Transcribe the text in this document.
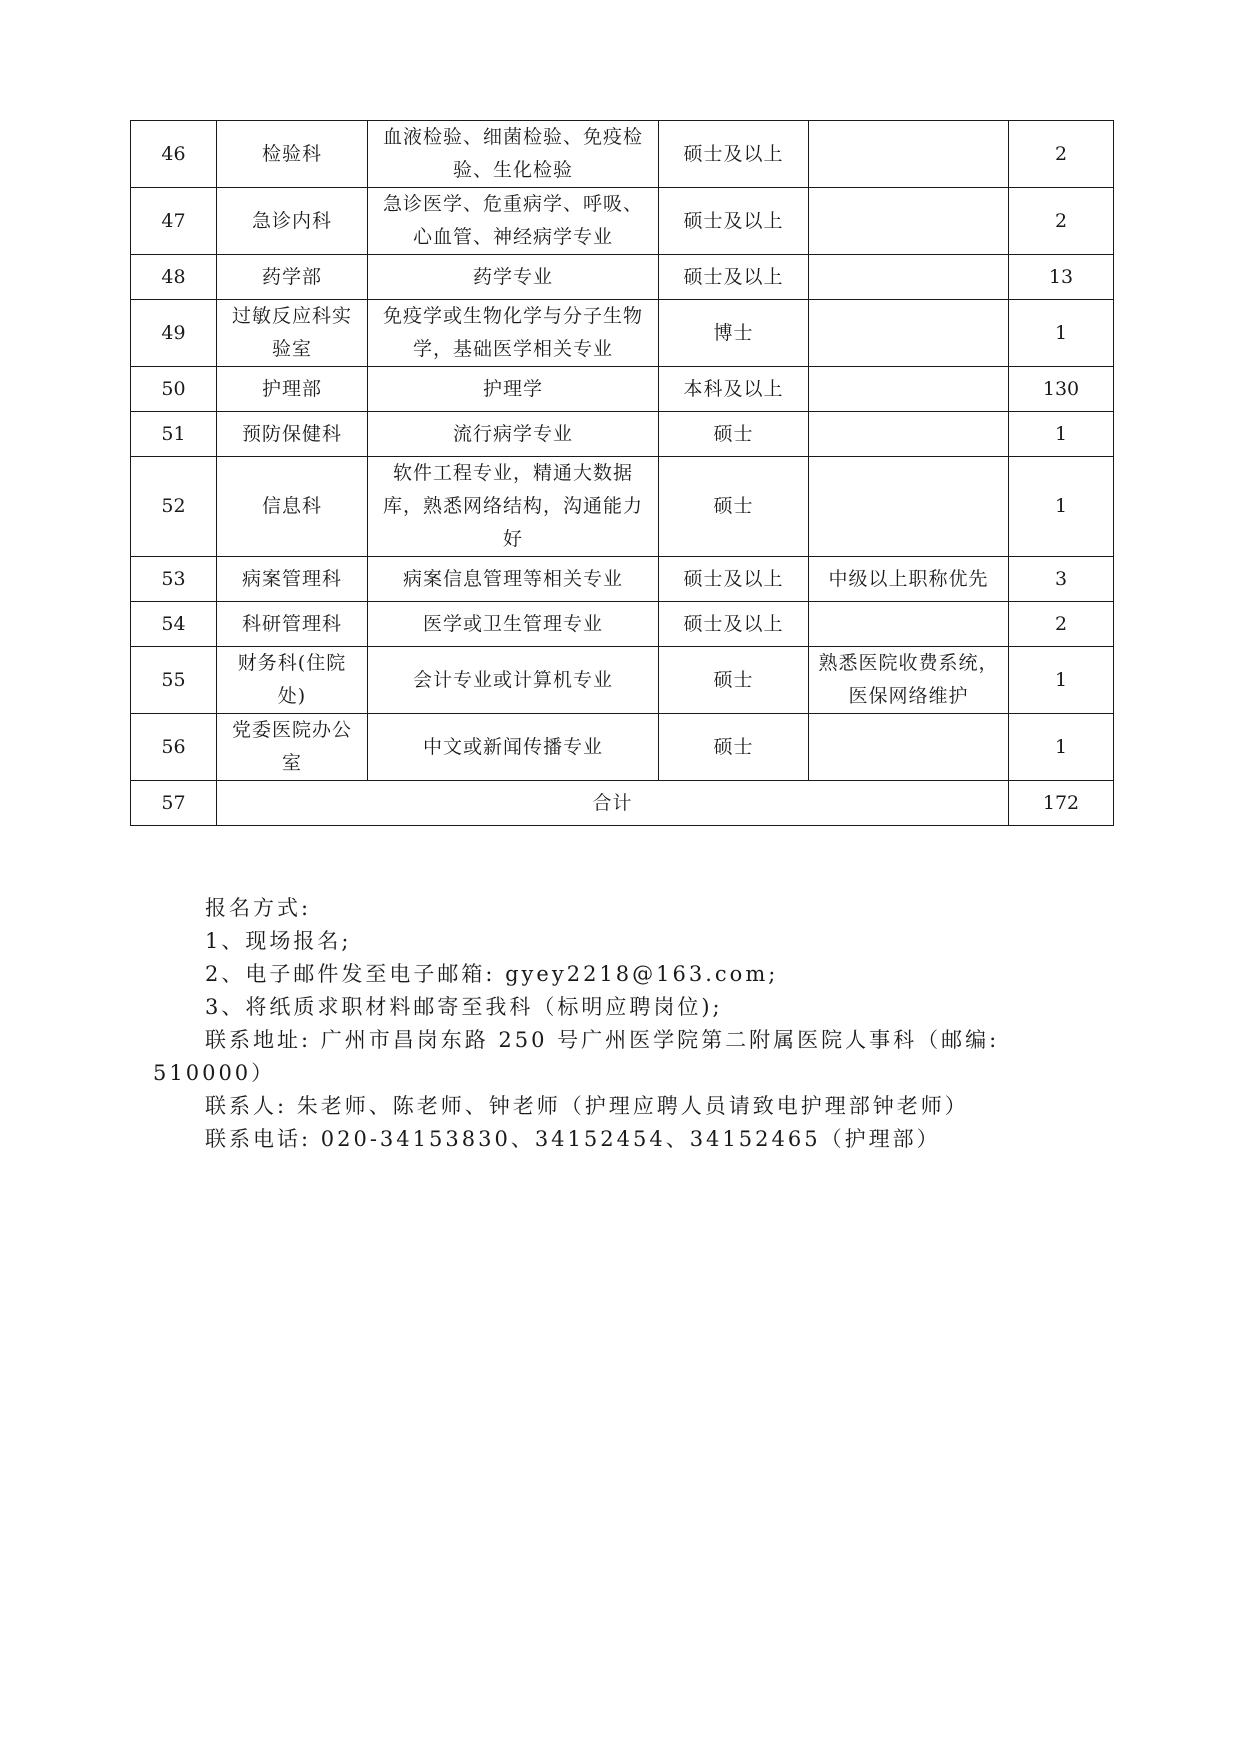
46	检验科	血液检验、细菌检验、免疫检验、生化检验	硕士及以上		2
47	急诊内科	急诊医学、危重病学、呼吸、心血管、神经病学专业	硕士及以上		2
48	药学部	药学专业	硕士及以上		13
49	过敏反应科实验室	免疫学或生物化学与分子生物学，基础医学相关专业	博士		1
50	护理部	护理学	本科及以上		130
51	预防保健科	流行病学专业	硕士		1
52	信息科	软件工程专业，精通大数据库，熟悉网络结构，沟通能力好	硕士		1
53	病案管理科	病案信息管理等相关专业	硕士及以上	中级以上职称优先	3
54	科研管理科	医学或卫生管理专业	硕士及以上		2
55	财务科(住院处)	会计专业或计算机专业	硕士	熟悉医院收费系统，医保网络维护	1
56	党委医院办公室	中文或新闻传播专业	硕士		1
57	合计				172

报名方式:

1、现场报名;

2、电子邮件发至电子邮箱: gyey2218@163.com;

3、将纸质求职材料邮寄至我科（标明应聘岗位);

联系地址: 广州市昌岗东路 250 号广州医学院第二附属医院人事科（邮编: 510000）

联系人: 朱老师、陈老师、钟老师（护理应聘人员请致电护理部钟老师）

联系电话: 020-34153830、34152454、34152465（护理部）
